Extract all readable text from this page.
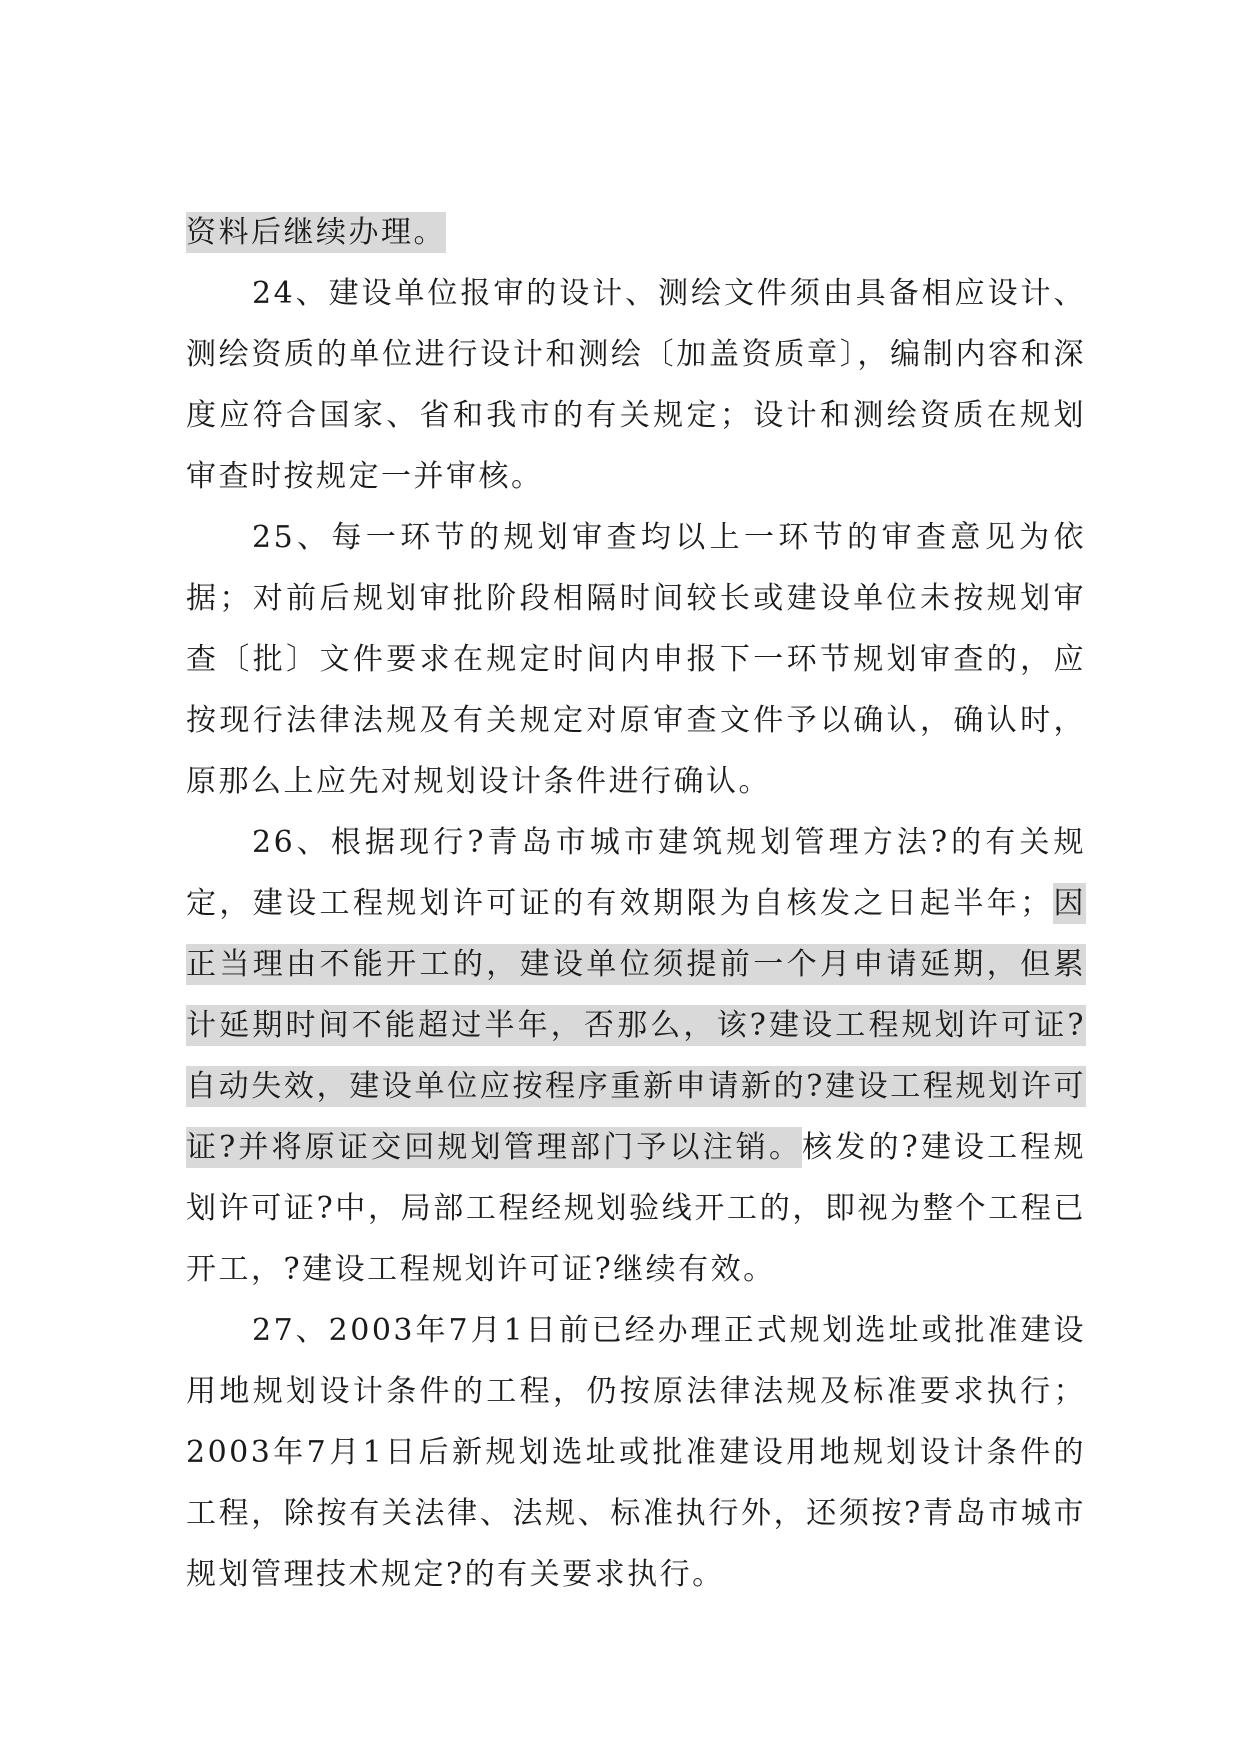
资料后继续办理。

24、建设单位报审的设计、测绘文件须由具备相应设计、测绘资质的单位进行设计和测绘〔加盖资质章〕，编制内容和深度应符合国家、省和我市的有关规定；设计和测绘资质在规划审查时按规定一并审核。

25、每一环节的规划审查均以上一环节的审查意见为依据；对前后规划审批阶段相隔时间较长或建设单位未按规划审查〔批〕文件要求在规定时间内申报下一环节规划审查的，应按现行法律法规及有关规定对原审查文件予以确认，确认时，原那么上应先对规划设计条件进行确认。

26、根据现行?青岛市城市建筑规划管理方法?的有关规定，建设工程规划许可证的有效期限为自核发之日起半年；因正当理由不能开工的，建设单位须提前一个月申请延期，但累计延期时间不能超过半年，否那么，该?建设工程规划许可证?自动失效，建设单位应按程序重新申请新的?建设工程规划许可证?并将原证交回规划管理部门予以注销。核发的?建设工程规划许可证?中，局部工程经规划验线开工的，即视为整个工程已开工，?建设工程规划许可证?继续有效。

27、2003年7月1日前已经办理正式规划选址或批准建设用地规划设计条件的工程，仍按原法律法规及标准要求执行；2003年7月1日后新规划选址或批准建设用地规划设计条件的工程，除按有关法律、法规、标准执行外，还须按?青岛市城市规划管理技术规定?的有关要求执行。
